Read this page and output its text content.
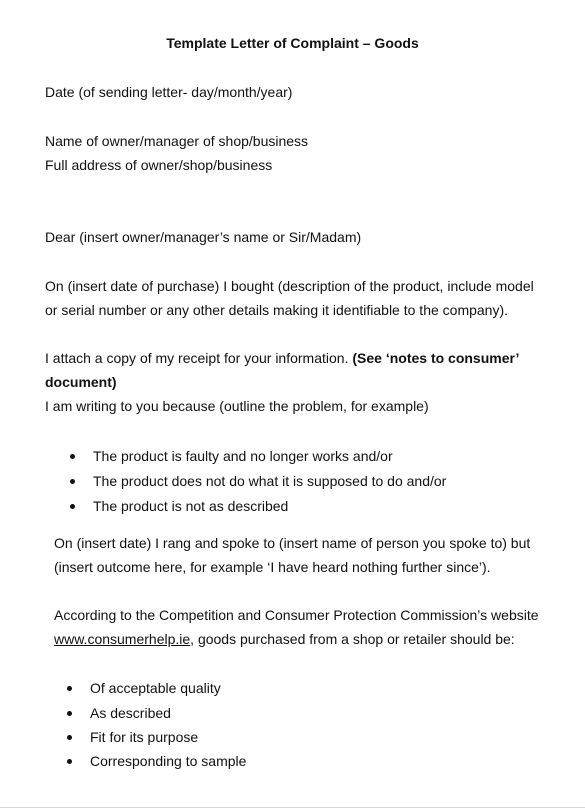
Template Letter of Complaint – Goods
Date (of sending letter- day/month/year)
Name of owner/manager of shop/business
Full address of owner/shop/business
Dear (insert owner/manager’s name or Sir/Madam)
On (insert date of purchase) I bought (description of the product, include model
or serial number or any other details making it identifiable to the company).
I attach a copy of my receipt for your information. (See ‘notes to consumer’
document)
I am writing to you because (outline the problem, for example)
The product is faulty and no longer works and/or
The product does not do what it is supposed to do and/or
The product is not as described
On (insert date) I rang and spoke to (insert name of person you spoke to) but
(insert outcome here, for example ‘I have heard nothing further since’).
According to the Competition and Consumer Protection Commission’s website
www.consumerhelp.ie, goods purchased from a shop or retailer should be:
Of acceptable quality
As described
Fit for its purpose
Corresponding to sample
